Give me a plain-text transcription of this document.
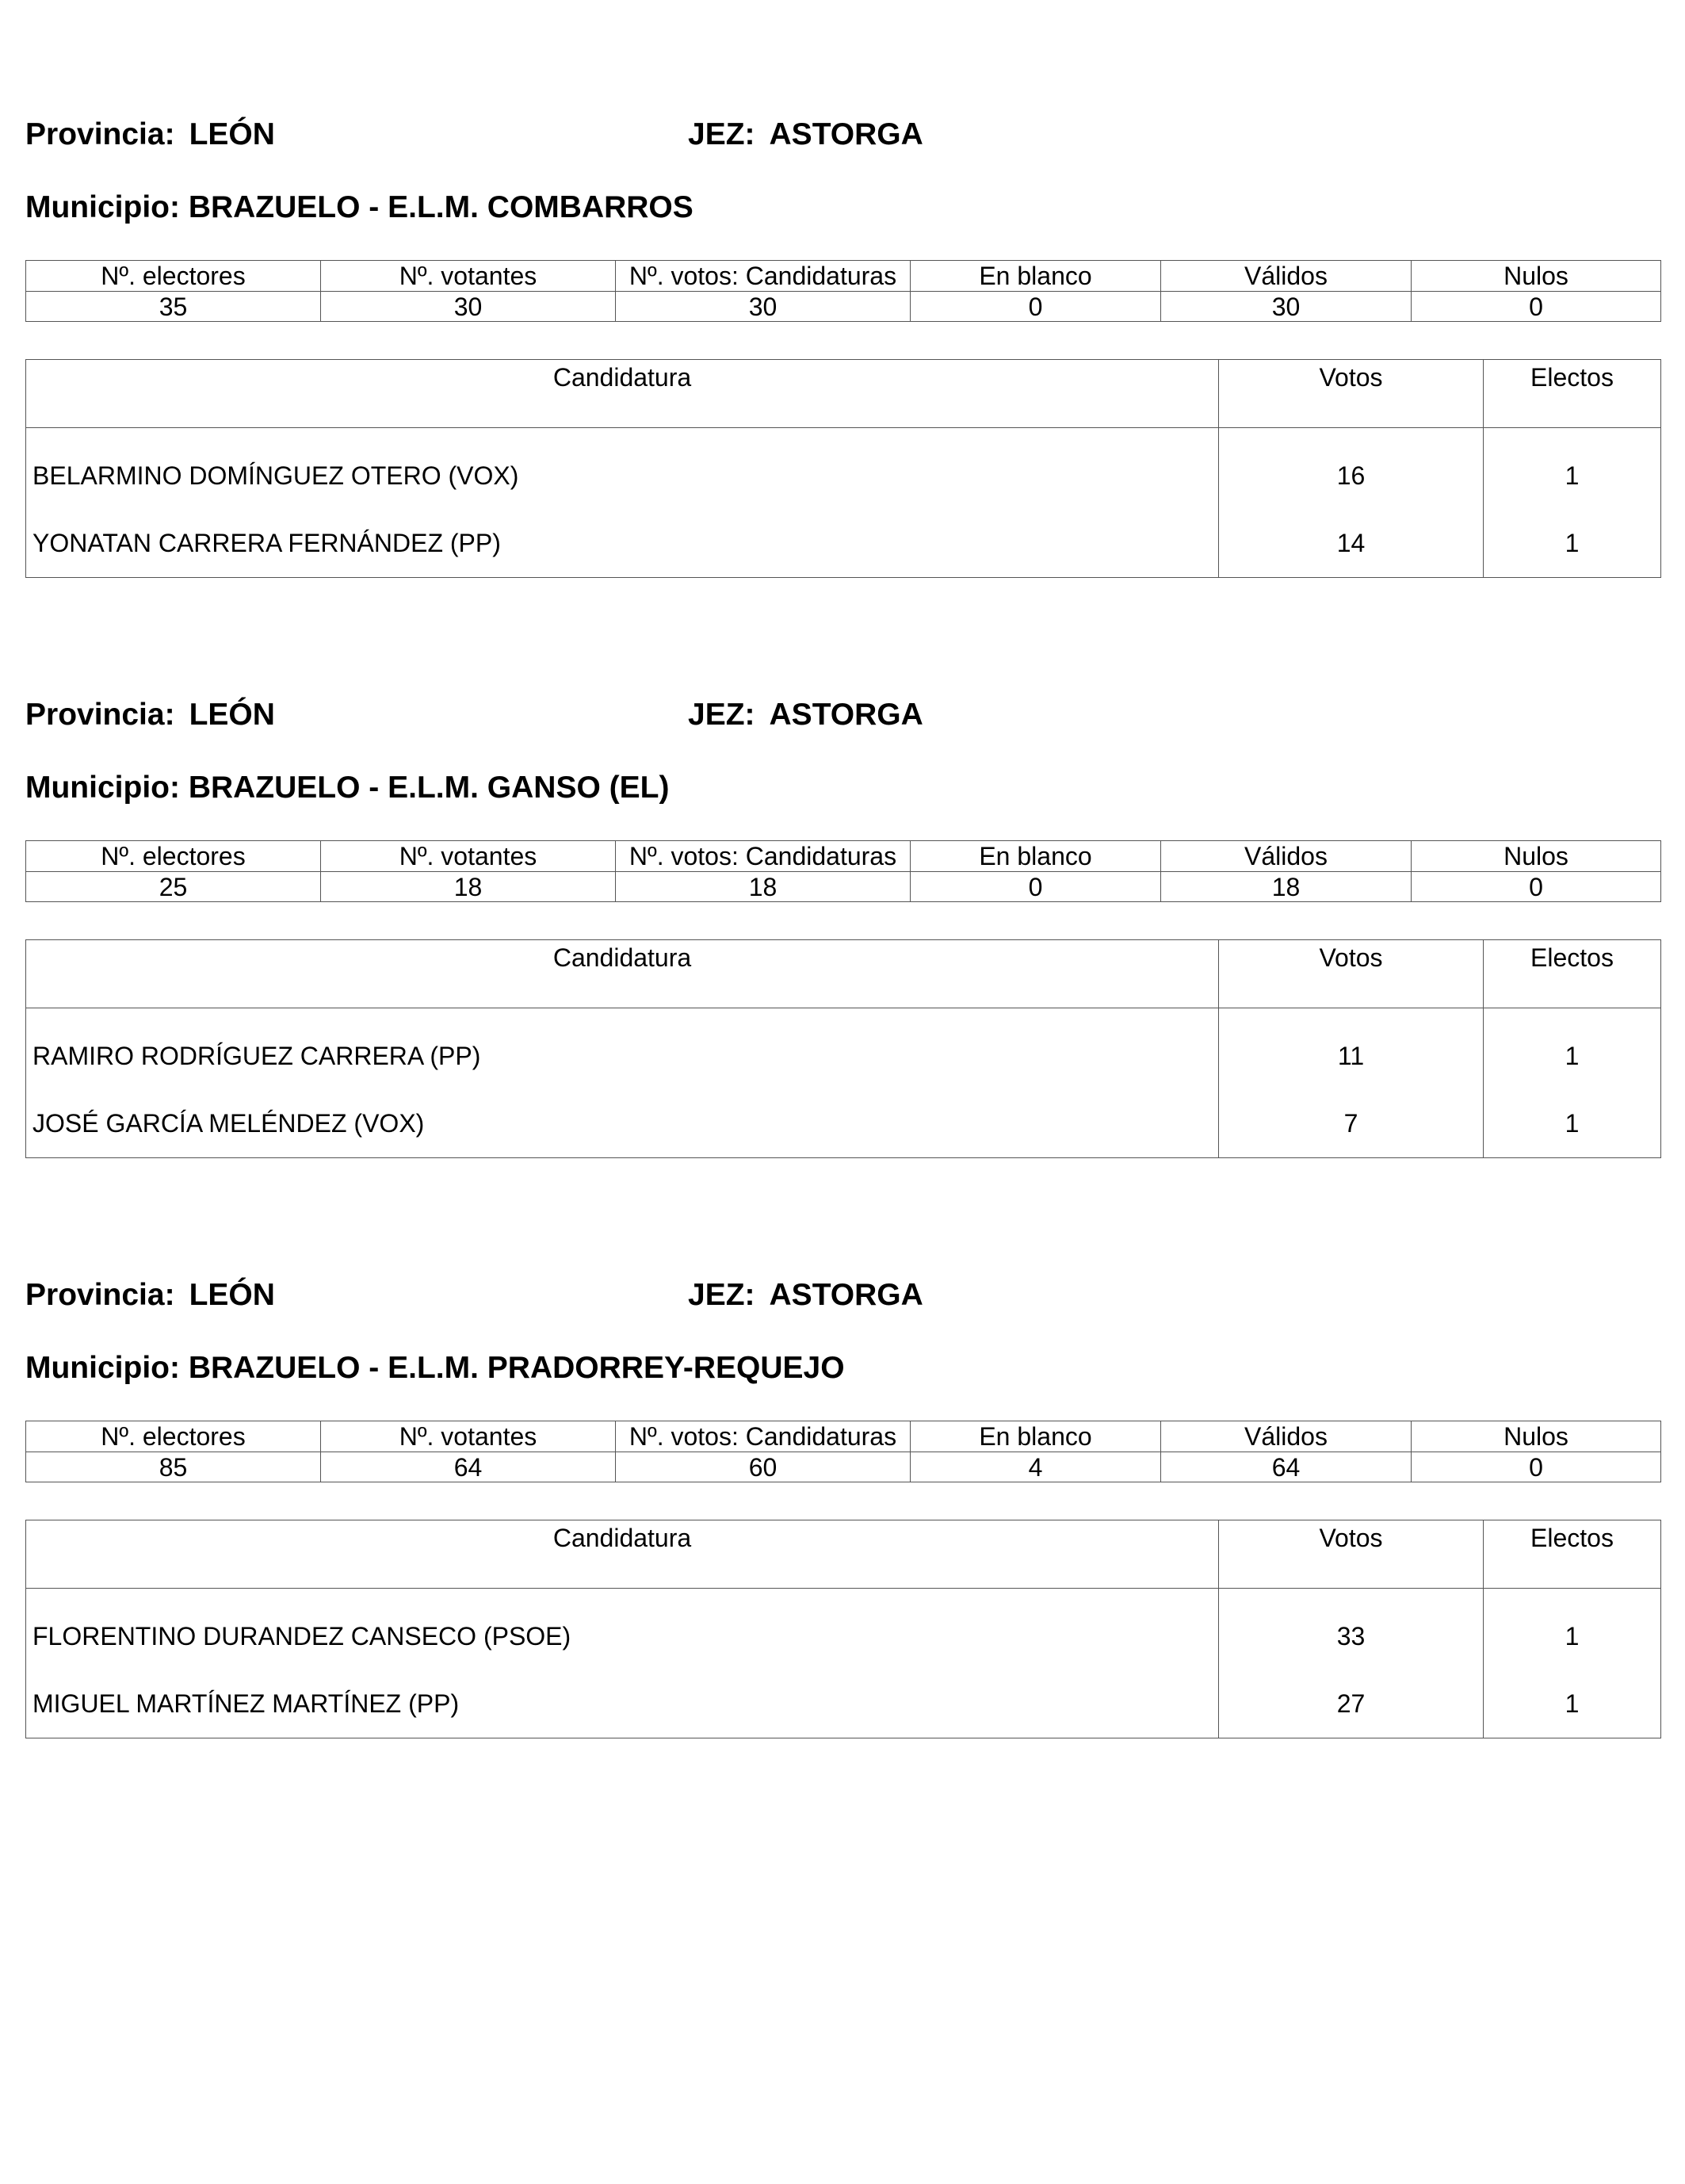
Provincia: LEÓN	JEZ: ASTORGA
Municipio: BRAZUELO - E.L.M. COMBARROS
Nº. electores	Nº. votantes	Nº. votos: Candidaturas	En blanco	Válidos	Nulos
35	30	30	0	30	0
Candidatura	Votos	Electos
BELARMINO DOMÍNGUEZ OTERO (VOX)	16	1
YONATAN CARRERA FERNÁNDEZ (PP)	14	1
Provincia: LEÓN	JEZ: ASTORGA
Municipio: BRAZUELO - E.L.M. GANSO (EL)
Nº. electores	Nº. votantes	Nº. votos: Candidaturas	En blanco	Válidos	Nulos
25	18	18	0	18	0
Candidatura	Votos	Electos
RAMIRO RODRÍGUEZ CARRERA (PP)	11	1
JOSÉ GARCÍA MELÉNDEZ (VOX)	7	1
Provincia: LEÓN	JEZ: ASTORGA
Municipio: BRAZUELO - E.L.M. PRADORREY-REQUEJO
Nº. electores	Nº. votantes	Nº. votos: Candidaturas	En blanco	Válidos	Nulos
85	64	60	4	64	0
Candidatura	Votos	Electos
FLORENTINO DURANDEZ CANSECO (PSOE)	33	1
MIGUEL MARTÍNEZ MARTÍNEZ (PP)	27	1
